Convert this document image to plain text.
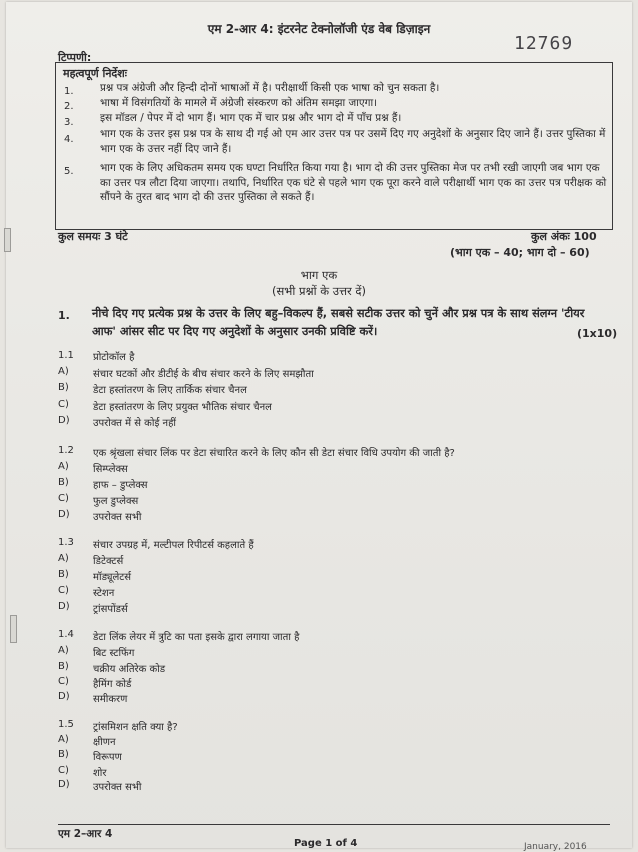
एम 2-आर 4: इंटरनेट टेक्नोलॉजी एंड वेब डिज़ाइन
12769
टिप्पणी:
महत्वपूर्ण निर्देशः
1.	प्रश्न पत्र अंग्रेजी और हिन्दी दोनों भाषाओं में है। परीक्षार्थी किसी एक भाषा को चुन सकता है।
2.	भाषा में विसंगतियों के मामले में अंग्रेजी संस्करण को अंतिम समझा जाएगा।
3.	इस मॉडल / पेपर में दो भाग हैं। भाग एक में चार प्रश्न और भाग दो में पाँच प्रश्न हैं।
4.	भाग एक के उत्तर इस प्रश्न पत्र के साथ दी गई ओ एम आर उत्तर पत्र पर उसमें दिए गए अनुदेशों के अनुसार दिए जाने हैं। उत्तर पुस्तिका में भाग एक के उत्तर नहीं दिए जाने हैं।
5.	भाग एक के लिए अधिकतम समय एक घण्टा निर्धारित किया गया है। भाग दो की उत्तर पुस्तिका मेज पर तभी रखी जाएगी जब भाग एक का उत्तर पत्र लौटा दिया जाएगा। तथापि, निर्धारित एक घंटे से पहले भाग एक पूरा करने वाले परीक्षार्थी भाग एक का उत्तर पत्र परीक्षक को सौंपने के तुरत बाद भाग दो की उत्तर पुस्तिका ले सकते हैं।
कुल समयः 3 घंटे	कुल अंकः 100
(भाग एक – 40; भाग दो – 60)
भाग एक
(सभी प्रश्नों के उत्तर दें)
1. नीचे दिए गए प्रत्येक प्रश्न के उत्तर के लिए बहु–विकल्प हैं, सबसे सटीक उत्तर को चुनें और प्रश्न पत्र के साथ संलग्न 'टीयर आफ' आंसर सीट पर दिए गए अनुदेशों के अनुसार उनकी प्रविष्टि करें।	(1x10)
1.1 प्रोटोकॉल है
A) संचार घटकों और डीटीई के बीच संचार करने के लिए समझौता
B) डेटा हस्तांतरण के लिए तार्किक संचार चैनल
C) डेटा हस्तांतरण के लिए प्रयुक्त भौतिक संचार चैनल
D) उपरोक्त में से कोई नहीं
1.2 एक श्रृंखला संचार लिंक पर डेटा संचारित करने के लिए कौन सी डेटा संचार विधि उपयोग की जाती है?
A) सिम्प्लेक्स
B) हाफ – डुप्लेक्स
C) फुल डुप्लेक्स
D) उपरोक्त सभी
1.3 संचार उपग्रह में, मल्टीपल रिपीटर्स कहलाते हैं
A) डिटेक्टर्स
B) मॉड्यूलेटर्स
C) स्टेशन
D) ट्रांसपोंडर्स
1.4 डेटा लिंक लेयर में त्रुटि का पता इसके द्वारा लगाया जाता है
A) बिट स्टफिंग
B) चक्रीय अतिरेक कोड
C) हैमिंग कोर्ड
D) समीकरण
1.5 ट्रांसमिशन क्षति क्या है?
A) क्षीणन
B) विरूपण
C) शोर
D) उपरोक्त सभी
एम 2–आर 4
Page 1 of 4	January, 2016
